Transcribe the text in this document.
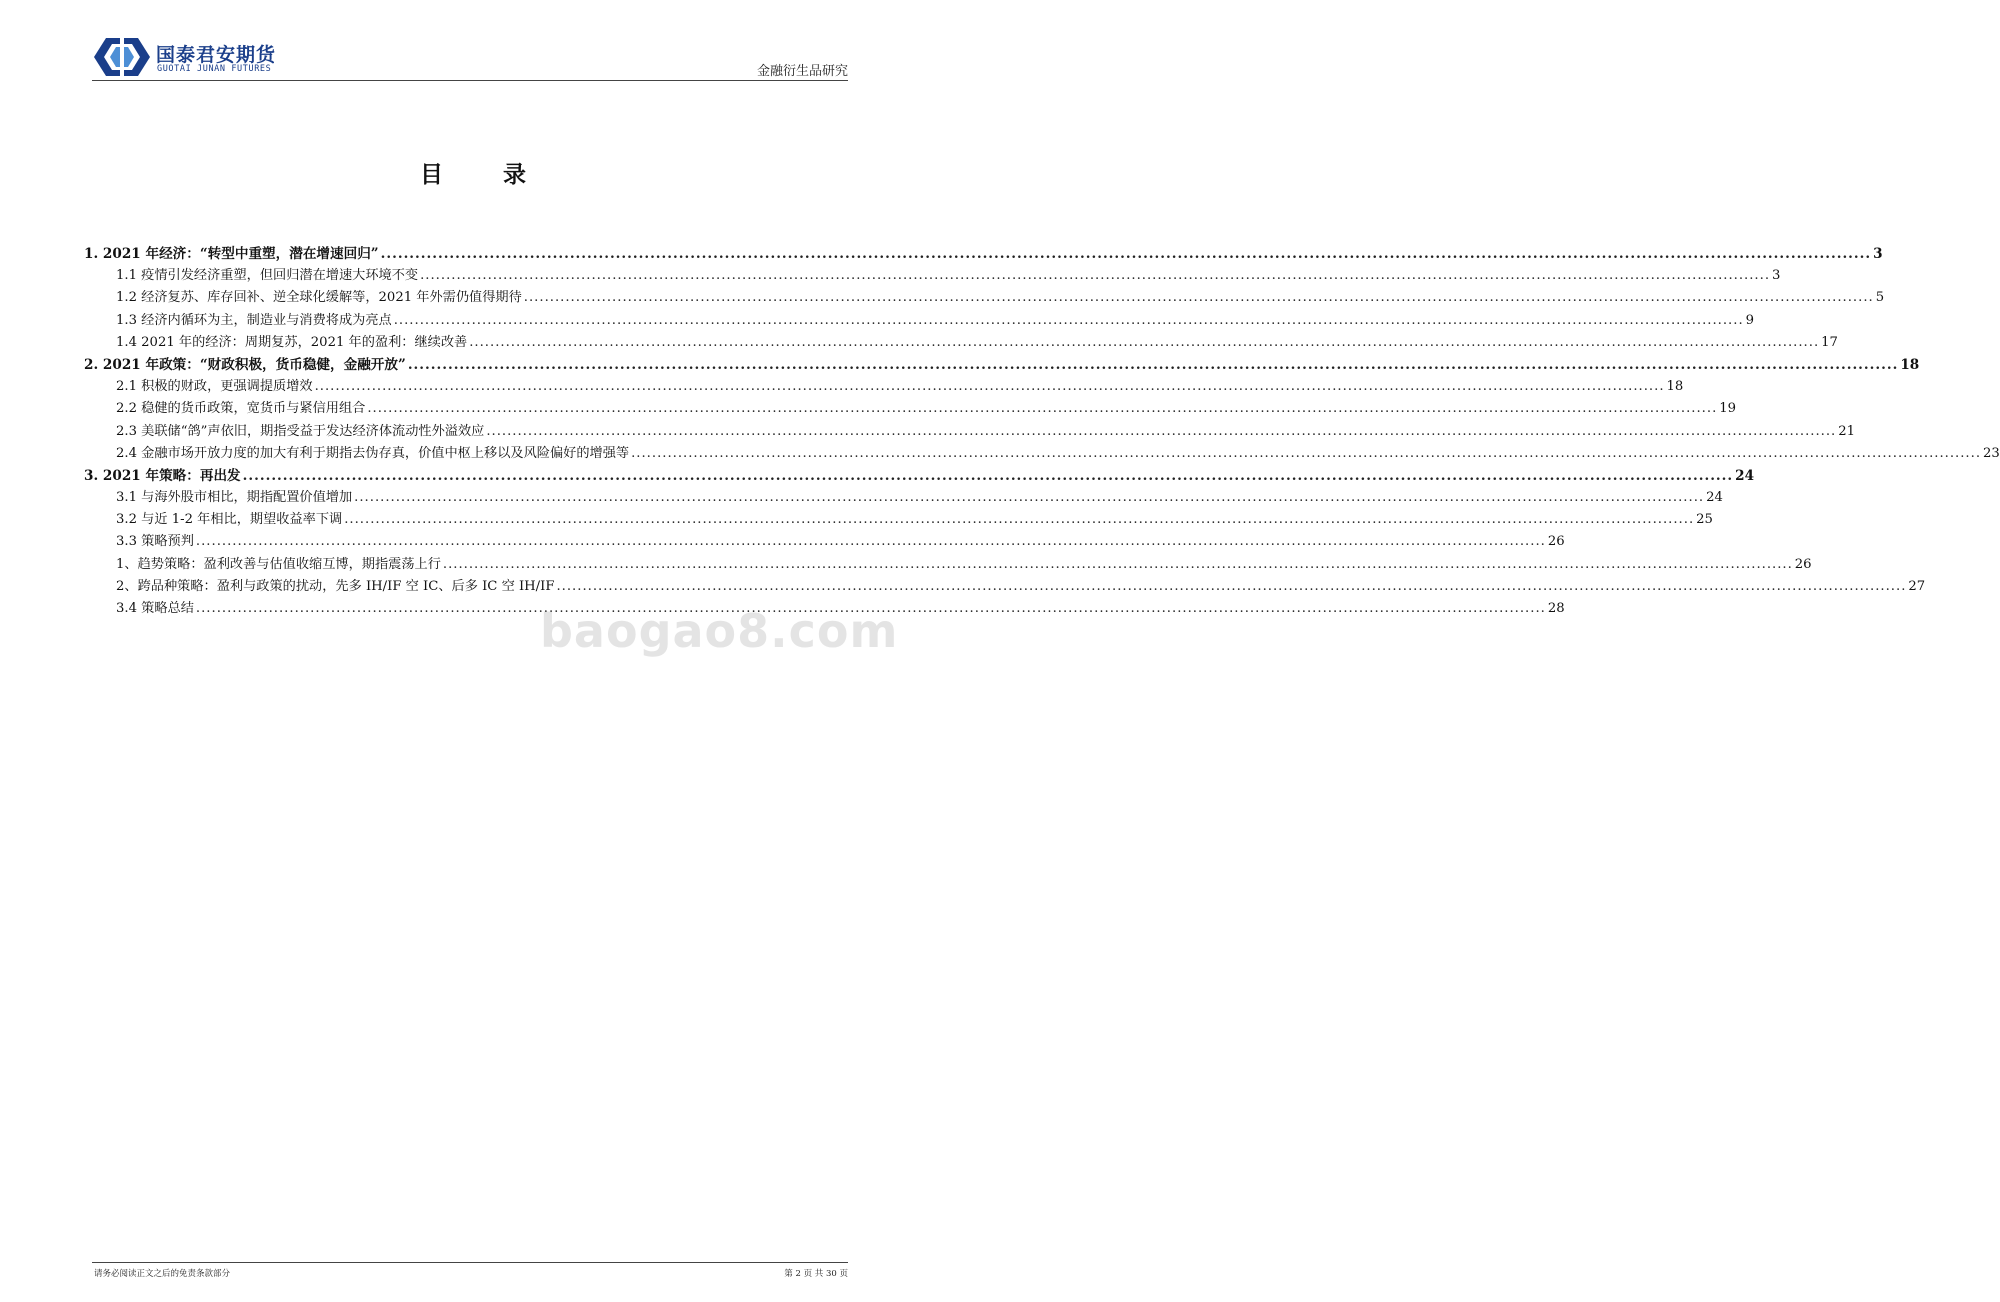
国泰君安期货
GUOTAI JUNAN FUTURES	金融衍生品研究
目 录
1. 2021 年经济：“转型中重塑，潜在增速回归” .................................................................................................................................................................................................................................................................... 3
1.1 疫情引发经济重塑，但回归潜在增速大环境不变 .................................................................................................................................................................................................................................................................... 3
1.2 经济复苏、库存回补、逆全球化缓解等，2021 年外需仍值得期待 .................................................................................................................................................................................................................................................................... 5
1.3 经济内循环为主，制造业与消费将成为亮点 .................................................................................................................................................................................................................................................................... 9
1.4 2021 年的经济：周期复苏，2021 年的盈利：继续改善 .................................................................................................................................................................................................................................................................... 17
2. 2021 年政策：“财政积极，货币稳健，金融开放” .................................................................................................................................................................................................................................................................... 18
2.1 积极的财政，更强调提质增效 .................................................................................................................................................................................................................................................................... 18
2.2 稳健的货币政策，宽货币与紧信用组合 .................................................................................................................................................................................................................................................................... 19
2.3 美联储“鸽”声依旧，期指受益于发达经济体流动性外溢效应 .................................................................................................................................................................................................................................................................... 21
2.4 金融市场开放力度的加大有利于期指去伪存真，价值中枢上移以及风险偏好的增强等 .................................................................................................................................................................................................................................................................... 23
3. 2021 年策略：再出发 .................................................................................................................................................................................................................................................................... 24
3.1 与海外股市相比，期指配置价值增加 .................................................................................................................................................................................................................................................................... 24
3.2 与近 1-2 年相比，期望收益率下调 .................................................................................................................................................................................................................................................................... 25
3.3 策略预判 .................................................................................................................................................................................................................................................................... 26
1、趋势策略：盈利改善与估值收缩互博，期指震荡上行 .................................................................................................................................................................................................................................................................... 26
2、跨品种策略：盈利与政策的扰动，先多 IH/IF 空 IC、后多 IC 空 IH/IF .................................................................................................................................................................................................................................................................... 27
3.4 策略总结 .................................................................................................................................................................................................................................................................... 28
baogao8.com
请务必阅读正文之后的免责条款部分	第 2 页 共 30 页
